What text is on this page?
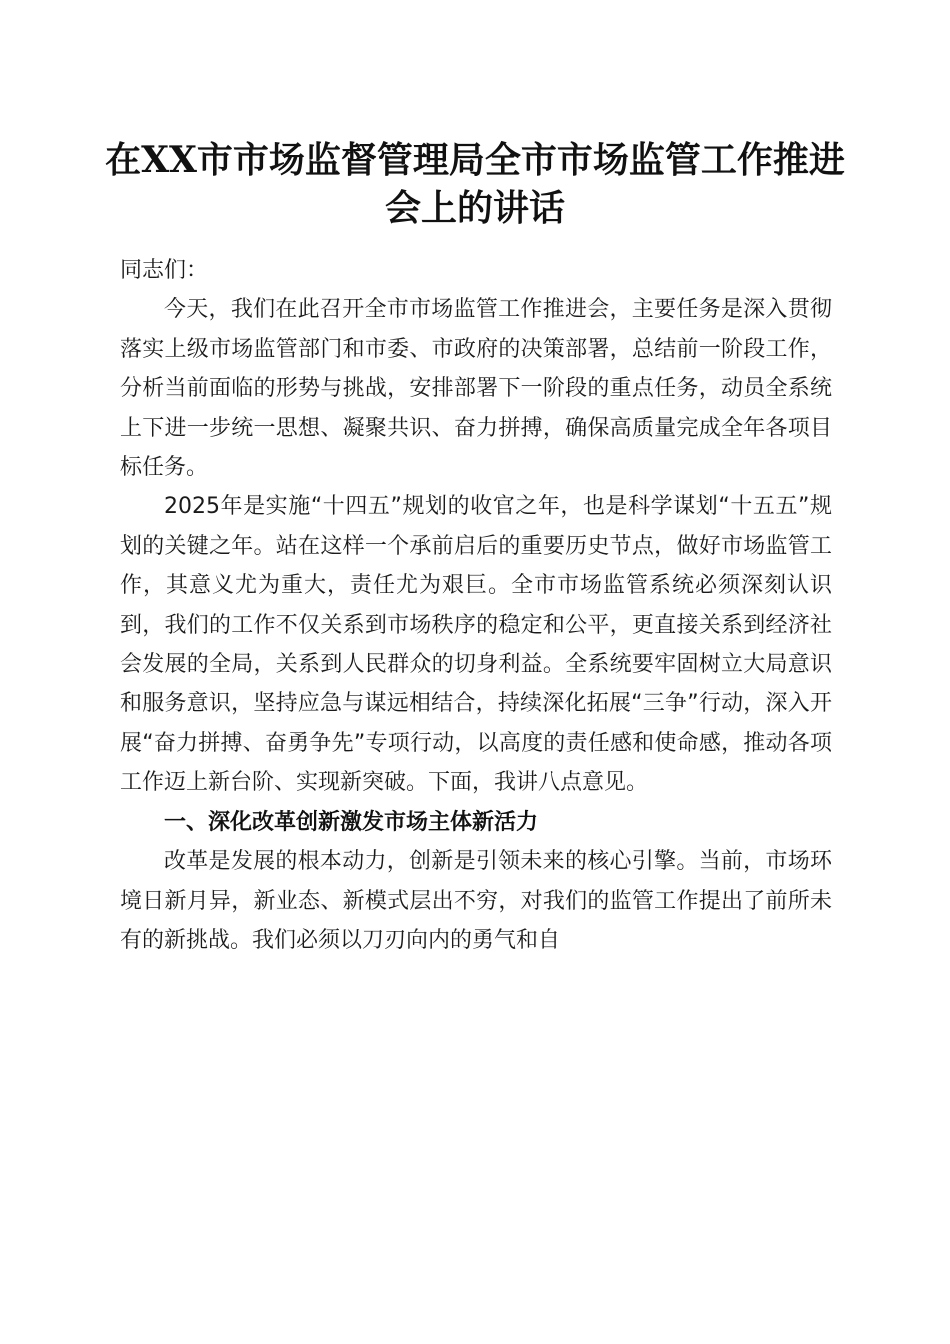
在XX市市场监督管理局全市市场监管工作推进会上的讲话

同志们：

今天，我们在此召开全市市场监管工作推进会，主要任务是深入贯彻落实上级市场监管部门和市委、市政府的决策部署，总结前一阶段工作，分析当前面临的形势与挑战，安排部署下一阶段的重点任务，动员全系统上下进一步统一思想、凝聚共识、奋力拼搏，确保高质量完成全年各项目标任务。

2025年是实施“十四五”规划的收官之年，也是科学谋划“十五五”规划的关键之年。站在这样一个承前启后的重要历史节点，做好市场监管工作，其意义尤为重大，责任尤为艰巨。全市市场监管系统必须深刻认识到，我们的工作不仅关系到市场秩序的稳定和公平，更直接关系到经济社会发展的全局，关系到人民群众的切身利益。全系统要牢固树立大局意识和服务意识，坚持应急与谋远相结合，持续深化拓展“三争”行动，深入开展“奋力拼搏、奋勇争先”专项行动，以高度的责任感和使命感，推动各项工作迈上新台阶、实现新突破。下面，我讲八点意见。

一、深化改革创新激发市场主体新活力

改革是发展的根本动力，创新是引领未来的核心引擎。当前，市场环境日新月异，新业态、新模式层出不穷，对我们的监管工作提出了前所未有的新挑战。我们必须以刀刃向内的勇气和自
